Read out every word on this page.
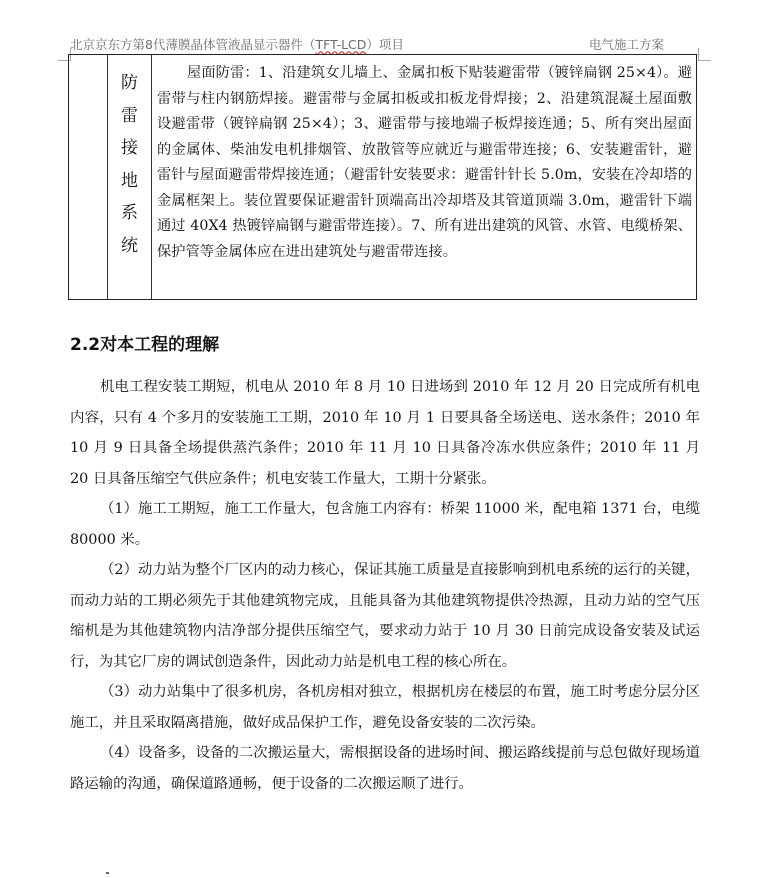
北京京东方第8代薄膜晶体管液晶显示器件（TFT-LCD）项目	电气施工方案
防
雷
接
地
系
统
屋面防雷：1、沿建筑女儿墙上、金属扣板下贴装避雷带（镀锌扁钢 25×4）。避雷带与柱内钢筋焊接。避雷带与金属扣板或扣板龙骨焊接；2、沿建筑混凝土屋面敷设避雷带（镀锌扁钢 25×4）；3、避雷带与接地端子板焊接连通；5、所有突出屋面的金属体、柴油发电机排烟管、放散管等应就近与避雷带连接；6、安装避雷针，避雷针与屋面避雷带焊接连通；（避雷针安装要求：避雷针针长 5.0m，安装在冷却塔的金属框架上。装位置要保证避雷针顶端高出冷却塔及其管道顶端 3.0m，避雷针下端通过 40X4 热镀锌扁钢与避雷带连接）。7、所有进出建筑的风管、水管、电缆桥架、保护管等金属体应在进出建筑处与避雷带连接。
2.2对本工程的理解

机电工程安装工期短，机电从 2010 年 8 月 10 日进场到 2010 年 12 月 20 日完成所有机电内容，只有 4 个多月的安装施工工期，2010 年 10 月 1 日要具备全场送电、送水条件；2010 年 10 月 9 日具备全场提供蒸汽条件；2010 年 11 月 10 日具备冷冻水供应条件；2010 年 11 月 20 日具备压缩空气供应条件；机电安装工作量大，工期十分紧张。

（1）施工工期短，施工工作量大，包含施工内容有：桥架 11000 米，配电箱 1371 台，电缆 80000 米。

（2）动力站为整个厂区内的动力核心，保证其施工质量是直接影响到机电系统的运行的关键，而动力站的工期必须先于其他建筑物完成，且能具备为其他建筑物提供冷热源，且动力站的空气压缩机是为其他建筑物内洁净部分提供压缩空气，要求动力站于 10 月 30 日前完成设备安装及试运行，为其它厂房的调试创造条件，因此动力站是机电工程的核心所在。

（3）动力站集中了很多机房，各机房相对独立，根据机房在楼层的布置，施工时考虑分层分区施工，并且采取隔离措施，做好成品保护工作，避免设备安装的二次污染。

（4）设备多，设备的二次搬运量大，需根据设备的进场时间、搬运路线提前与总包做好现场道路运输的沟通，确保道路通畅，便于设备的二次搬运顺了进行。
